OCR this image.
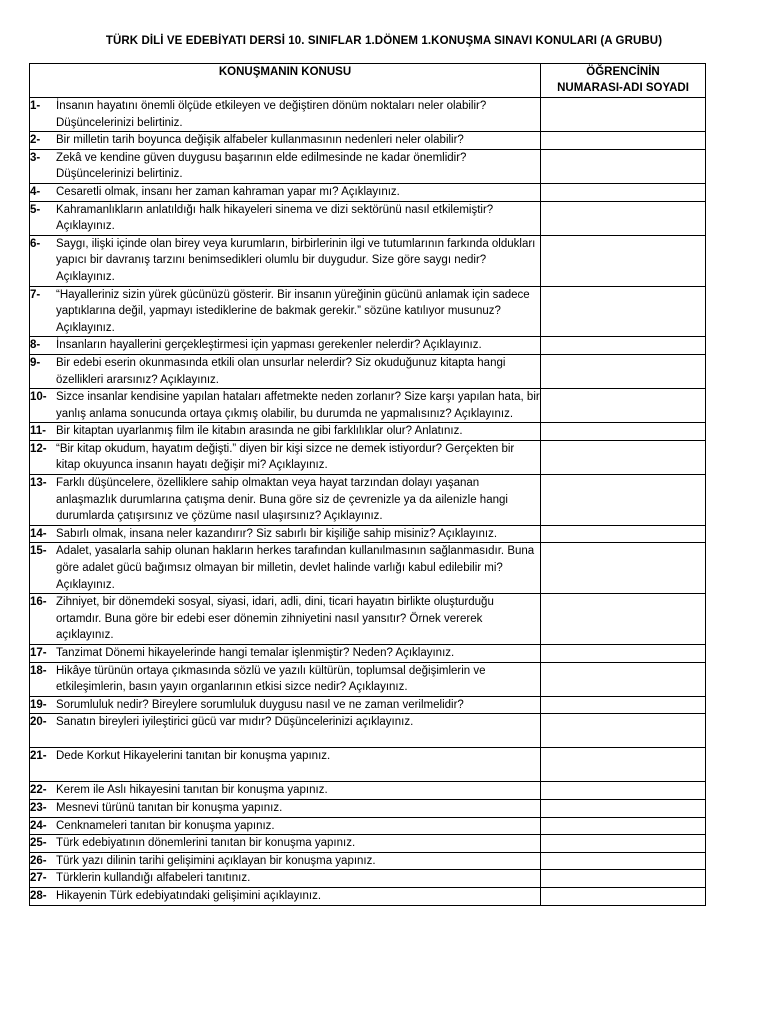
TÜRK DİLİ VE EDEBİYATI DERSİ 10. SINIFLAR 1.DÖNEM 1.KONUŞMA SINAVI KONULARI (A GRUBU)
KONUŞMANIN KONUSU	ÖĞRENCİNİN
NUMARASI-ADI SOYADI

1- İnsanın hayatını önemli ölçüde etkileyen ve değiştiren dönüm noktaları neler olabilir? Düşüncelerinizi belirtiniz.	

2- Bir milletin tarih boyunca değişik alfabeler kullanmasının nedenleri neler olabilir?	

3- Zekâ ve kendine güven duygusu başarının elde edilmesinde ne kadar önemlidir? Düşüncelerinizi belirtiniz.	

4- Cesaretli olmak, insanı her zaman kahraman yapar mı? Açıklayınız.	

5- Kahramanlıkların anlatıldığı halk hikayeleri sinema ve dizi sektörünü nasıl etkilemiştir? Açıklayınız.	

6- Saygı, ilişki içinde olan birey veya kurumların, birbirlerinin ilgi ve tutumlarının farkında oldukları yapıcı bir davranış tarzını benimsedikleri olumlu bir duygudur. Size göre saygı nedir? Açıklayınız.	

7- “Hayalleriniz sizin yürek gücünüzü gösterir. Bir insanın yüreğinin gücünü anlamak için sadece yaptıklarına değil, yapmayı istediklerine de bakmak gerekir.” sözüne katılıyor musunuz? Açıklayınız.	

8- İnsanların hayallerini gerçekleştirmesi için yapması gerekenler nelerdir? Açıklayınız.	

9- Bir edebi eserin okunmasında etkili olan unsurlar nelerdir? Siz okuduğunuz kitapta hangi özellikleri ararsınız? Açıklayınız.	

10- Sizce insanlar kendisine yapılan hataları affetmekte neden zorlanır? Size karşı yapılan hata, bir yanlış anlama sonucunda ortaya çıkmış olabilir, bu durumda ne yapmalısınız? Açıklayınız.	

11- Bir kitaptan uyarlanmış film ile kitabın arasında ne gibi farklılıklar olur? Anlatınız.	

12- “Bir kitap okudum, hayatım değişti.” diyen bir kişi sizce ne demek istiyordur? Gerçekten bir kitap okuyunca insanın hayatı değişir mi? Açıklayınız.	

13- Farklı düşüncelere, özelliklere sahip olmaktan veya hayat tarzından dolayı yaşanan anlaşmazlık durumlarına çatışma denir. Buna göre siz de çevrenizle ya da ailenizle hangi durumlarda çatışırsınız ve çözüme nasıl ulaşırsınız? Açıklayınız.	

14- Sabırlı olmak, insana neler kazandırır? Siz sabırlı bir kişiliğe sahip misiniz? Açıklayınız.	

15- Adalet, yasalarla sahip olunan hakların herkes tarafından kullanılmasının sağlanmasıdır. Buna göre adalet gücü bağımsız olmayan bir milletin, devlet halinde varlığı kabul edilebilir mi? Açıklayınız.	

16- Zihniyet, bir dönemdeki sosyal, siyasi, idari, adli, dini, ticari hayatın birlikte oluşturduğu ortamdır. Buna göre bir edebi eser dönemin zihniyetini nasıl yansıtır? Örnek vererek açıklayınız.	

17- Tanzimat Dönemi hikayelerinde hangi temalar işlenmiştir? Neden? Açıklayınız.	

18- Hikâye türünün ortaya çıkmasında sözlü ve yazılı kültürün, toplumsal değişimlerin ve etkileşimlerin, basın yayın organlarının etkisi sizce nedir? Açıklayınız.	

19- Sorumluluk nedir? Bireylere sorumluluk duygusu nasıl ve ne zaman verilmelidir?	

20- Sanatın bireyleri iyileştirici gücü var mıdır? Düşüncelerinizi açıklayınız.	

21- Dede Korkut Hikayelerini tanıtan bir konuşma yapınız.	

22- Kerem ile Aslı hikayesini tanıtan bir konuşma yapınız.	

23- Mesnevi türünü tanıtan bir konuşma yapınız.	

24- Cenknameleri tanıtan bir konuşma yapınız.	

25- Türk edebiyatının dönemlerini tanıtan bir konuşma yapınız.	

26- Türk yazı dilinin tarihi gelişimini açıklayan bir konuşma yapınız.	

27- Türklerin kullandığı alfabeleri tanıtınız.	

28- Hikayenin Türk edebiyatındaki gelişimini açıklayınız.	
